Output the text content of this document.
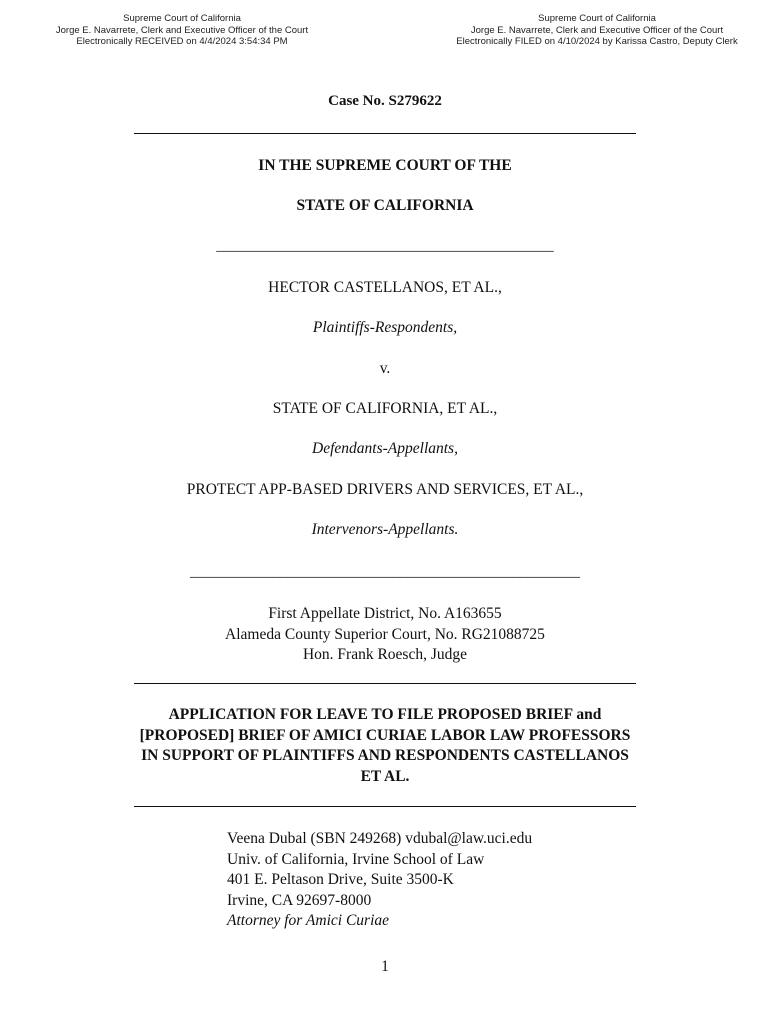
Supreme Court of California
Jorge E. Navarrete, Clerk and Executive Officer of the Court
Electronically RECEIVED on 4/4/2024 3:54:34 PM
Supreme Court of California
Jorge E. Navarrete, Clerk and Executive Officer of the Court
Electronically FILED on 4/10/2024 by Karissa Castro, Deputy Clerk
Case No. S279622
IN THE SUPREME COURT OF THE
STATE OF CALIFORNIA
_____________________________________________
HECTOR CASTELLANOS, ET AL.,
Plaintiffs-Respondents,
v.
STATE OF CALIFORNIA, ET AL.,
Defendants-Appellants,
PROTECT APP-BASED DRIVERS AND SERVICES, ET AL.,
Intervenors-Appellants.
____________________________________________________
First Appellate District, No. A163655
Alameda County Superior Court, No. RG21088725
Hon. Frank Roesch, Judge
APPLICATION FOR LEAVE TO FILE PROPOSED BRIEF and [PROPOSED] BRIEF OF AMICI CURIAE LABOR LAW PROFESSORS IN SUPPORT OF PLAINTIFFS AND RESPONDENTS CASTELLANOS ET AL.
Veena Dubal (SBN 249268) vdubal@law.uci.edu
Univ. of California, Irvine School of Law
401 E. Peltason Drive, Suite 3500-K
Irvine, CA 92697-8000
Attorney for Amici Curiae
1
